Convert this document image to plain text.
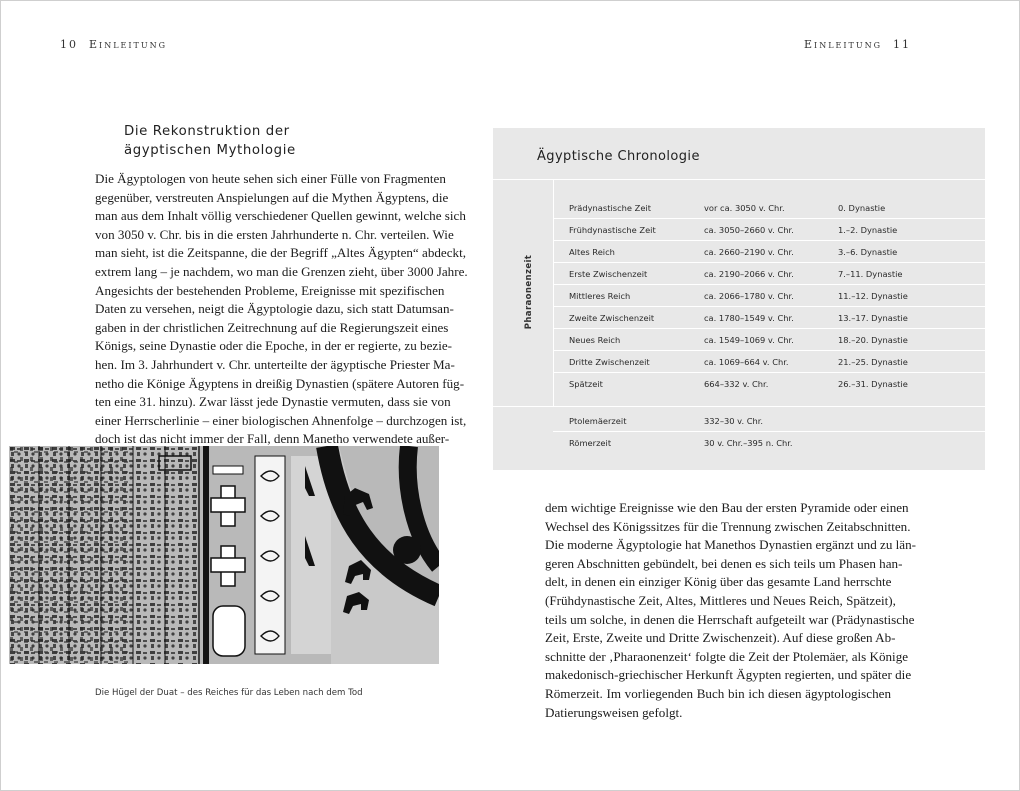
10 Einleitung	Einleitung 11
Die Rekonstruktion der
ägyptischen Mythologie
Die Ägyptologen von heute sehen sich einer Fülle von Fragmenten
gegenüber, verstreuten Anspielungen auf die Mythen Ägyptens, die
man aus dem Inhalt völlig verschiedener Quellen gewinnt, welche sich
von 3050 v. Chr. bis in die ersten Jahrhunderte n. Chr. verteilen. Wie
man sieht, ist die Zeitspanne, die der Begriff „Altes Ägypten“ abdeckt,
extrem lang – je nachdem, wo man die Grenzen zieht, über 3000 Jahre.
Angesichts der bestehenden Probleme, Ereignisse mit spezifischen
Daten zu versehen, neigt die Ägyptologie dazu, sich statt Datumsan-
gaben in der christlichen Zeitrechnung auf die Regierungszeit eines
Königs, seine Dynastie oder die Epoche, in der er regierte, zu bezie-
hen. Im 3. Jahrhundert v. Chr. unterteilte der ägyptische Priester Ma-
netho die Könige Ägyptens in dreißig Dynastien (spätere Autoren füg-
ten eine 31. hinzu). Zwar lässt jede Dynastie vermuten, dass sie von
einer Herrscherlinie – einer biologischen Ahnenfolge – durchzogen ist,
doch ist das nicht immer der Fall, denn Manetho verwendete außer-
Die Hügel der Duat – des Reiches für das Leben nach dem Tod
Ägyptische Chronologie
Pharaonenzeit
Prädynastische Zeit	vor ca. 3050 v. Chr.	0. Dynastie
Frühdynastische Zeit	ca. 3050–2660 v. Chr.	1.–2. Dynastie
Altes Reich	ca. 2660–2190 v. Chr.	3.–6. Dynastie
Erste Zwischenzeit	ca. 2190–2066 v. Chr.	7.–11. Dynastie
Mittleres Reich	ca. 2066–1780 v. Chr.	11.–12. Dynastie
Zweite Zwischenzeit	ca. 1780–1549 v. Chr.	13.–17. Dynastie
Neues Reich	ca. 1549–1069 v. Chr.	18.–20. Dynastie
Dritte Zwischenzeit	ca. 1069–664 v. Chr.	21.–25. Dynastie
Spätzeit	664–332 v. Chr.	26.–31. Dynastie
Ptolemäerzeit	332–30 v. Chr.
Römerzeit	30 v. Chr.–395 n. Chr.
dem wichtige Ereignisse wie den Bau der ersten Pyramide oder einen
Wechsel des Königssitzes für die Trennung zwischen Zeitabschnitten.
Die moderne Ägyptologie hat Manethos Dynastien ergänzt und zu län-
geren Abschnitten gebündelt, bei denen es sich teils um Phasen han-
delt, in denen ein einziger König über das gesamte Land herrschte
(Frühdynastische Zeit, Altes, Mittleres und Neues Reich, Spätzeit),
teils um solche, in denen die Herrschaft aufgeteilt war (Prädynastische
Zeit, Erste, Zweite und Dritte Zwischenzeit). Auf diese großen Ab-
schnitte der ‚Pharaonenzeit‘ folgte die Zeit der Ptolemäer, als Könige
makedonisch-griechischer Herkunft Ägypten regierten, und später die
Römerzeit. Im vorliegenden Buch bin ich diesen ägyptologischen
Datierungsweisen gefolgt.
